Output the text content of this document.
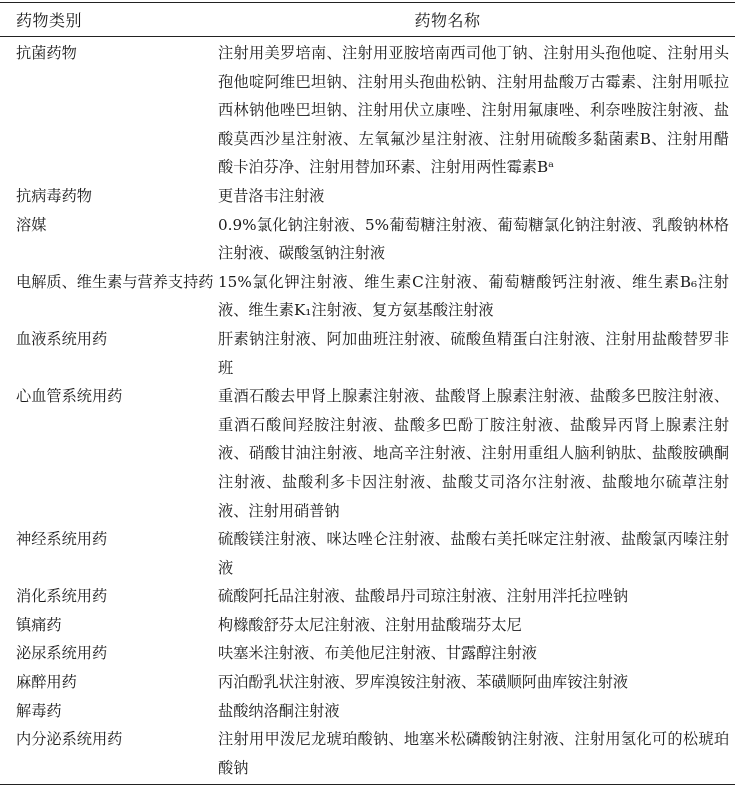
药物类别	药物名称
抗菌药物	注射用美罗培南、注射用亚胺培南西司他丁钠、注射用头孢他啶、注射用头孢他啶阿维巴坦钠、注射用头孢曲松钠、注射用盐酸万古霉素、注射用哌拉西林钠他唑巴坦钠、注射用伏立康唑、注射用氟康唑、利奈唑胺注射液、盐酸莫西沙星注射液、左氧氟沙星注射液、注射用硫酸多黏菌素B、注射用醋酸卡泊芬净、注射用替加环素、注射用两性霉素Bᵃ
抗病毒药物	更昔洛韦注射液
溶媒	0.9%氯化钠注射液、5%葡萄糖注射液、葡萄糖氯化钠注射液、乳酸钠林格注射液、碳酸氢钠注射液
电解质、维生素与营养支持药 15%氯化钾注射液、维生素C注射液、葡萄糖酸钙注射液、维生素B₆注射液、维生素K₁注射液、复方氨基酸注射液
血液系统用药	肝素钠注射液、阿加曲班注射液、硫酸鱼精蛋白注射液、注射用盐酸替罗非班
心血管系统用药	重酒石酸去甲肾上腺素注射液、盐酸肾上腺素注射液、盐酸多巴胺注射液、重酒石酸间羟胺注射液、盐酸多巴酚丁胺注射液、盐酸异丙肾上腺素注射液、硝酸甘油注射液、地高辛注射液、注射用重组人脑利钠肽、盐酸胺碘酮注射液、盐酸利多卡因注射液、盐酸艾司洛尔注射液、盐酸地尔硫䓬注射液、注射用硝普钠
神经系统用药	硫酸镁注射液、咪达唑仑注射液、盐酸右美托咪定注射液、盐酸氯丙嗪注射液
消化系统用药	硫酸阿托品注射液、盐酸昂丹司琼注射液、注射用泮托拉唑钠
镇痛药	枸橼酸舒芬太尼注射液、注射用盐酸瑞芬太尼
泌尿系统用药	呋塞米注射液、布美他尼注射液、甘露醇注射液
麻醉用药	丙泊酚乳状注射液、罗库溴铵注射液、苯磺顺阿曲库铵注射液
解毒药	盐酸纳洛酮注射液
内分泌系统用药	注射用甲泼尼龙琥珀酸钠、地塞米松磷酸钠注射液、注射用氢化可的松琥珀酸钠
